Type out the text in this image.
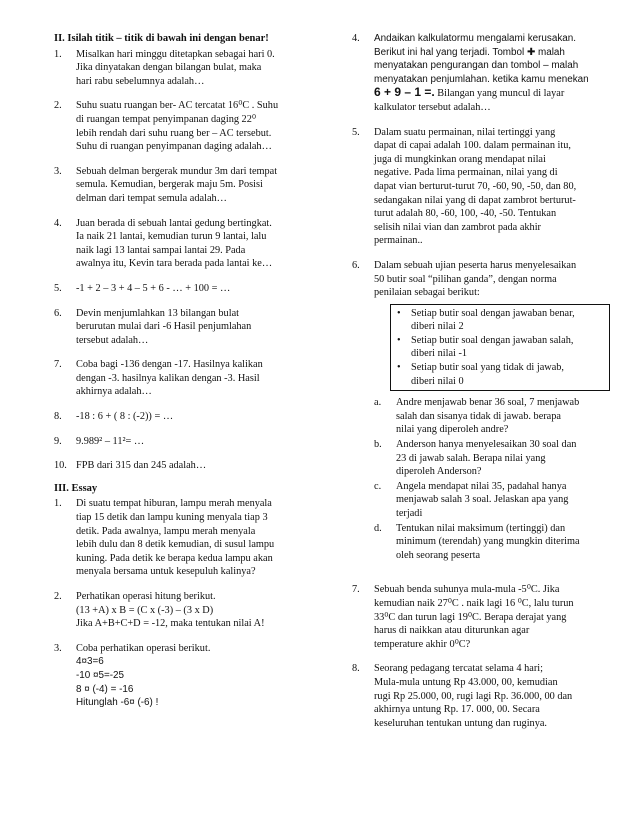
II. Isilah titik – titik di bawah ini dengan benar!
1.	Misalkan hari minggu ditetapkan sebagai hari 0.
Jika dinyatakan dengan bilangan bulat, maka
hari rabu sebelumnya adalah…
2.	Suhu suatu ruangan ber- AC tercatat 16⁰C . Suhu
di ruangan tempat penyimpanan daging 22⁰
lebih rendah dari suhu ruang ber – AC tersebut.
Suhu di ruangan penyimpanan daging adalah…
3.	Sebuah delman bergerak mundur 3m dari tempat
semula. Kemudian, bergerak maju 5m. Posisi
delman dari tempat semula adalah…
4.	Juan berada di sebuah lantai gedung bertingkat.
Ia naik 21 lantai, kemudian turun 9 lantai, lalu
naik lagi 13 lantai sampai lantai 29. Pada
awalnya itu, Kevin tara berada pada lantai ke…
5.	-1 + 2 – 3 + 4 – 5 + 6 - … + 100 = …
6.	Devin menjumlahkan 13 bilangan bulat
berurutan mulai dari -6 Hasil penjumlahan
tersebut adalah…
7.	Coba bagi -136 dengan -17. Hasilnya kalikan
dengan -3. hasilnya kalikan dengan -3. Hasil
akhirnya adalah…
8.	-18 : 6 + ( 8 : (-2)) = …
9.	9.989² – 11²= …
10. FPB dari 315 dan 245 adalah…
III. Essay
1.	Di suatu tempat hiburan, lampu merah menyala
tiap 15 detik dan lampu kuning menyala tiap 3
detik. Pada awalnya, lampu merah menyala
lebih dulu dan 8 detik kemudian, di susul lampu
kuning. Pada detik ke berapa kedua lampu akan
menyala bersama untuk kesepuluh kalinya?
2.	Perhatikan operasi hitung berikut.
(13 +A) x B = (C x (-3) – (3 x D)
Jika A+B+C+D = -12, maka tentukan nilai A!
3.	Coba perhatikan operasi berikut.
4¤3=6
-10 ¤5=-25
8 ¤ (-4) = -16
Hitunglah -6¤ (-6) !
4.	Andaikan kalkulatormu mengalami kerusakan.
Berikut ini hal yang terjadi. Tombol ✚ malah
menyatakan pengurangan dan tombol – malah
menyatakan penjumlahan. ketika kamu menekan
6 + 9 – 1 =. Bilangan yang muncul di layar
kalkulator tersebut adalah…
5.	Dalam suatu permainan, nilai tertinggi yang
dapat di capai adalah 100. dalam permainan itu,
juga di mungkinkan orang mendapat nilai
negative. Pada lima permainan, nilai yang di
dapat vian berturut-turut 70, -60, 90, -50, dan 80,
sedangakan nilai yang di dapat zambrot berturut-
turut adalah 80, -60, 100, -40, -50. Tentukan
selisih nilai vian dan zambrot pada akhir
permainan..
6.	Dalam sebuah ujian peserta harus menyelesaikan
50 butir soal “pilihan ganda”, dengan norma
penilaian sebagai berikut:
•	Setiap butir soal dengan jawaban benar,
diberi nilai 2
•	Setiap butir soal dengan jawaban salah,
diberi nilai -1
•	Setiap butir soal yang tidak di jawab,
diberi nilai 0
a.	Andre menjawab benar 36 soal, 7 menjawab
salah dan sisanya tidak di jawab. berapa
nilai yang diperoleh andre?
b.	Anderson hanya menyelesaikan 30 soal dan
23 di jawab salah. Berapa nilai yang
diperoleh Anderson?
c.	Angela mendapat nilai 35, padahal hanya
menjawab salah 3 soal. Jelaskan apa yang
terjadi
d.	Tentukan nilai maksimum (tertinggi) dan
minimum (terendah) yang mungkin diterima
oleh seorang peserta
7.	Sebuah benda suhunya mula-mula -5⁰C. Jika
kemudian naik 27⁰C . naik lagi 16 ⁰C, lalu turun
33⁰C dan turun lagi 19⁰C. Berapa derajat yang
harus di naikkan atau diturunkan agar
temperature akhir 0⁰C?
8.	Seorang pedagang tercatat selama 4 hari;
Mula-mula untung Rp 43.000, 00, kemudian
rugi Rp 25.000, 00, rugi lagi Rp. 36.000, 00 dan
akhirnya untung Rp. 17. 000, 00. Secara
keseluruhan tentukan untung dan ruginya.
